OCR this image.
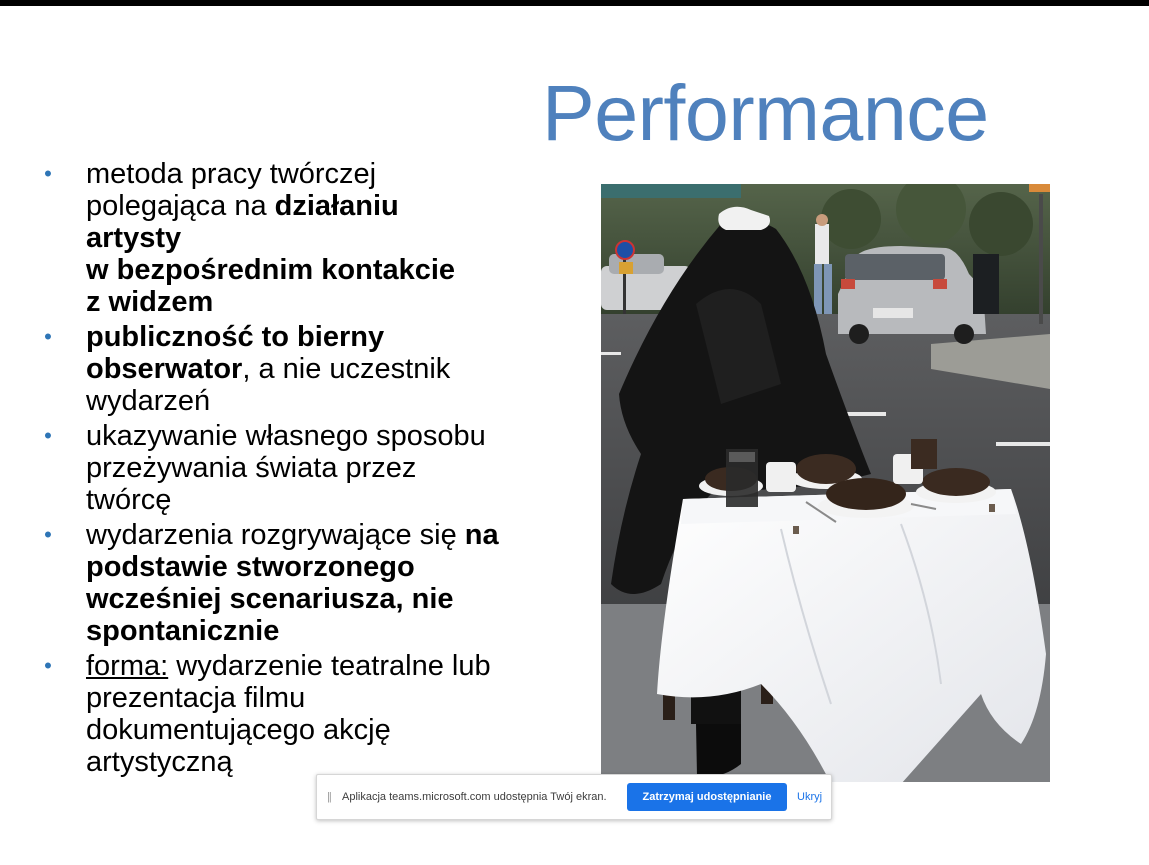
Performance
• metoda pracy twórczej
polegająca na działaniu
artysty
w bezpośrednim kontakcie
z widzem
• publiczność to bierny
obserwator, a nie uczestnik
wydarzeń
• ukazywanie własnego sposobu
przeżywania świata przez
twórcę
• wydarzenia rozgrywające się na
podstawie stworzonego
wcześniej scenariusza, nie
spontanicznie
• forma: wydarzenie teatralne lub
prezentacja filmu
dokumentującego akcję
artystyczną
|| Aplikacja teams.microsoft.com udostępnia Twój ekran.	Zatrzymaj udostępnianie	Ukryj
